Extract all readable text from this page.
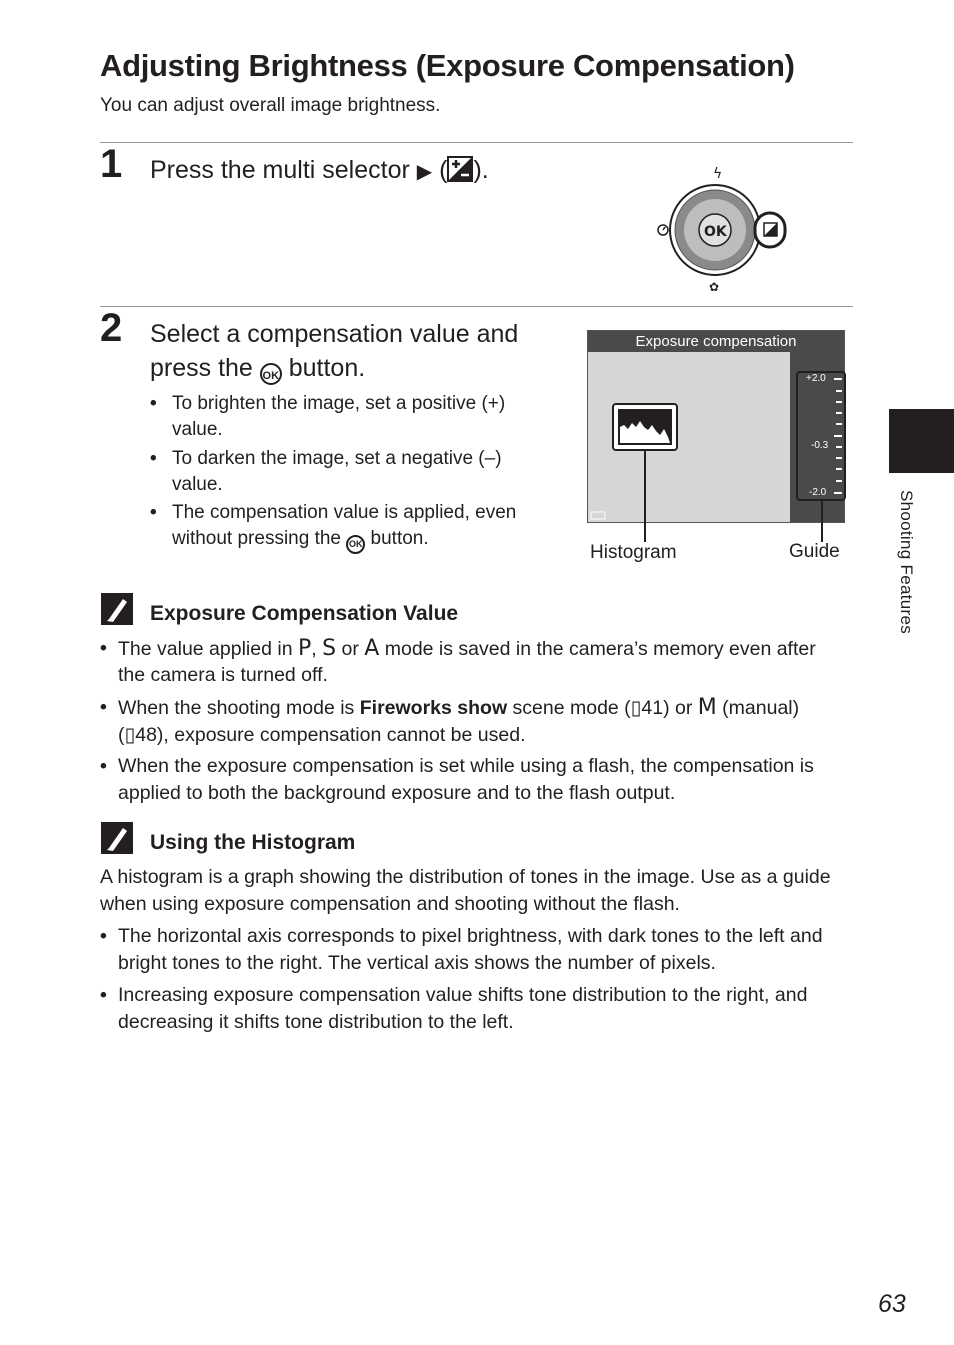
Adjusting Brightness (Exposure Compensation)
You can adjust overall image brightness.
1 Press the multi selector ▶ ( ).	ϟ
OK
✿
2 Select a compensation value and
press the OK button.
• To brighten the image, set a positive (+)
value.
• To darken the image, set a negative (–)
value.
• The compensation value is applied, even
without pressing the OK button.
Exposure compensation
+2.0
-0.3
-2.0
Histogram	Guide
Exposure Compensation Value
• The value applied in P, S or A mode is saved in the camera’s memory even after
the camera is turned off.
• When the shooting mode is Fireworks show scene mode (▯41) or M (manual)
(▯48), exposure compensation cannot be used.
• When the exposure compensation is set while using a flash, the compensation is
applied to both the background exposure and to the flash output.
Using the Histogram
A histogram is a graph showing the distribution of tones in the image. Use as a guide
when using exposure compensation and shooting without the flash.
• The horizontal axis corresponds to pixel brightness, with dark tones to the left and
bright tones to the right. The vertical axis shows the number of pixels.
• Increasing exposure compensation value shifts tone distribution to the right, and
decreasing it shifts tone distribution to the left.
Shooting Features
63
